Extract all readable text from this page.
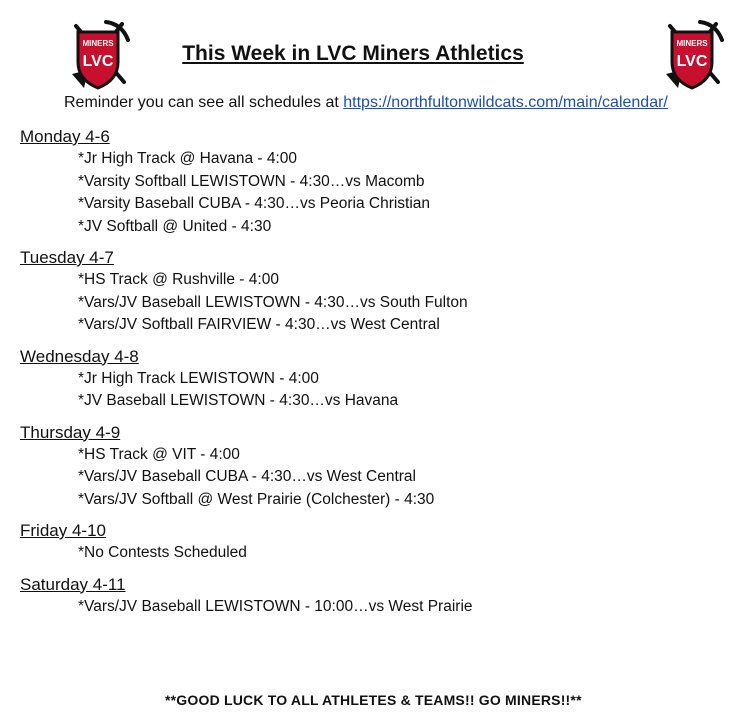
MINERS
LVC	This Week in LVC Miners Athletics	MINERS
LVC
Reminder you can see all schedules at https://northfultonwildcats.com/main/calendar/
Monday 4-6
*Jr High Track @ Havana - 4:00
*Varsity Softball LEWISTOWN - 4:30…vs Macomb
*Varsity Baseball CUBA - 4:30…vs Peoria Christian
*JV Softball @ United - 4:30
Tuesday 4-7
*HS Track @ Rushville - 4:00
*Vars/JV Baseball LEWISTOWN - 4:30…vs South Fulton
*Vars/JV Softball FAIRVIEW - 4:30…vs West Central
Wednesday 4-8
*Jr High Track LEWISTOWN - 4:00
*JV Baseball LEWISTOWN - 4:30…vs Havana
Thursday 4-9
*HS Track @ VIT - 4:00
*Vars/JV Baseball CUBA - 4:30…vs West Central
*Vars/JV Softball @ West Prairie (Colchester) - 4:30
Friday 4-10
*No Contests Scheduled
Saturday 4-11
*Vars/JV Baseball LEWISTOWN - 10:00…vs West Prairie
**GOOD LUCK TO ALL ATHLETES & TEAMS!! GO MINERS!!**
